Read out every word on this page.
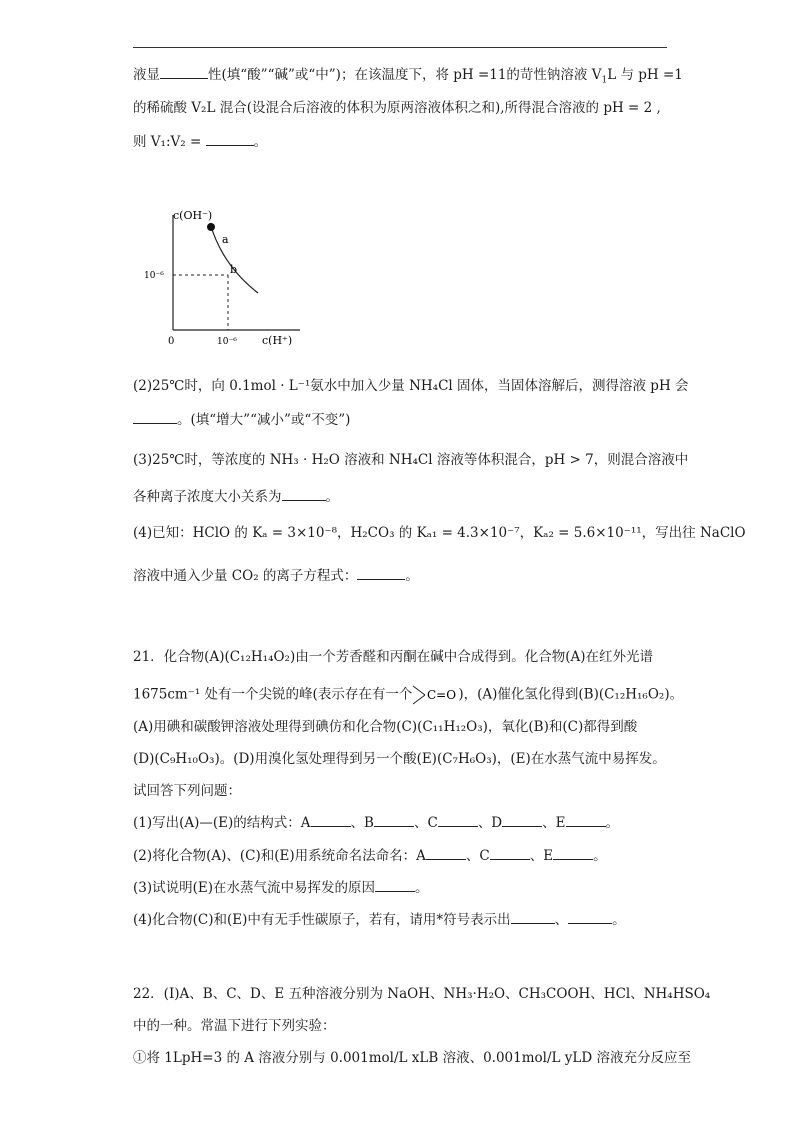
液显	性(填“酸”“碱”或“中”)；在该温度下，将 pH =11的苛性钠溶液 $V_1L$ 与 pH =1
的稀硫酸 V₂L 混合(设混合后溶液的体积为原两溶液体积之和),所得混合溶液的 pH = 2 ,
则 V₁:V₂ =	。
c(OH⁻)
a
b
10⁻⁶
0	10⁻⁶ c(H⁺)
(2)25℃时，向 0.1mol · L⁻¹氨水中加入少量 NH₄Cl 固体，当固体溶解后，测得溶液 pH 会
。(填“增大”“减小”或“不变”)
(3)25℃时，等浓度的 NH₃ · H₂O 溶液和 NH₄Cl 溶液等体积混合，pH > 7，则混合溶液中
各种离子浓度大小关系为	。
(4)已知：HClO 的 Kₐ = 3×10⁻⁸，H₂CO₃ 的 Kₐ₁ = 4.3×10⁻⁷，Kₐ₂ = 5.6×10⁻¹¹，写出往 NaClO
溶液中通入少量 CO₂ 的离子方程式：	。
21．化合物(A)(C₁₂H₁₄O₂)由一个芳香醛和丙酮在碱中合成得到。化合物(A)在红外光谱
1675cm⁻¹ 处有一个尖锐的峰(表示存在有一个 C=O )，(A)催化氢化得到(B)(C₁₂H₁₆O₂)。
(A)用碘和碳酸钾溶液处理得到碘仿和化合物(C)(C₁₁H₁₂O₃)，氧化(B)和(C)都得到酸
(D)(C₉H₁₀O₃)。(D)用溴化氢处理得到另一个酸(E)(C₇H₆O₃)，(E)在水蒸气流中易挥发。
试回答下列问题：
(1)写出(A)—(E)的结构式：A	、B	、C	、D	、E	。
(2)将化合物(A)、(C)和(E)用系统命名法命名：A	、C	、E	。
(3)试说明(E)在水蒸气流中易挥发的原因	。
(4)化合物(C)和(E)中有无手性碳原子，若有，请用*符号表示出	、	。
22．(I)A、B、C、D、E 五种溶液分别为 NaOH、NH₃·H₂O、CH₃COOH、HCl、NH₄HSO₄
中的一种。常温下进行下列实验：
①将 1LpH=3 的 A 溶液分别与 0.001mol/L xLB 溶液、0.001mol/L yLD 溶液充分反应至
